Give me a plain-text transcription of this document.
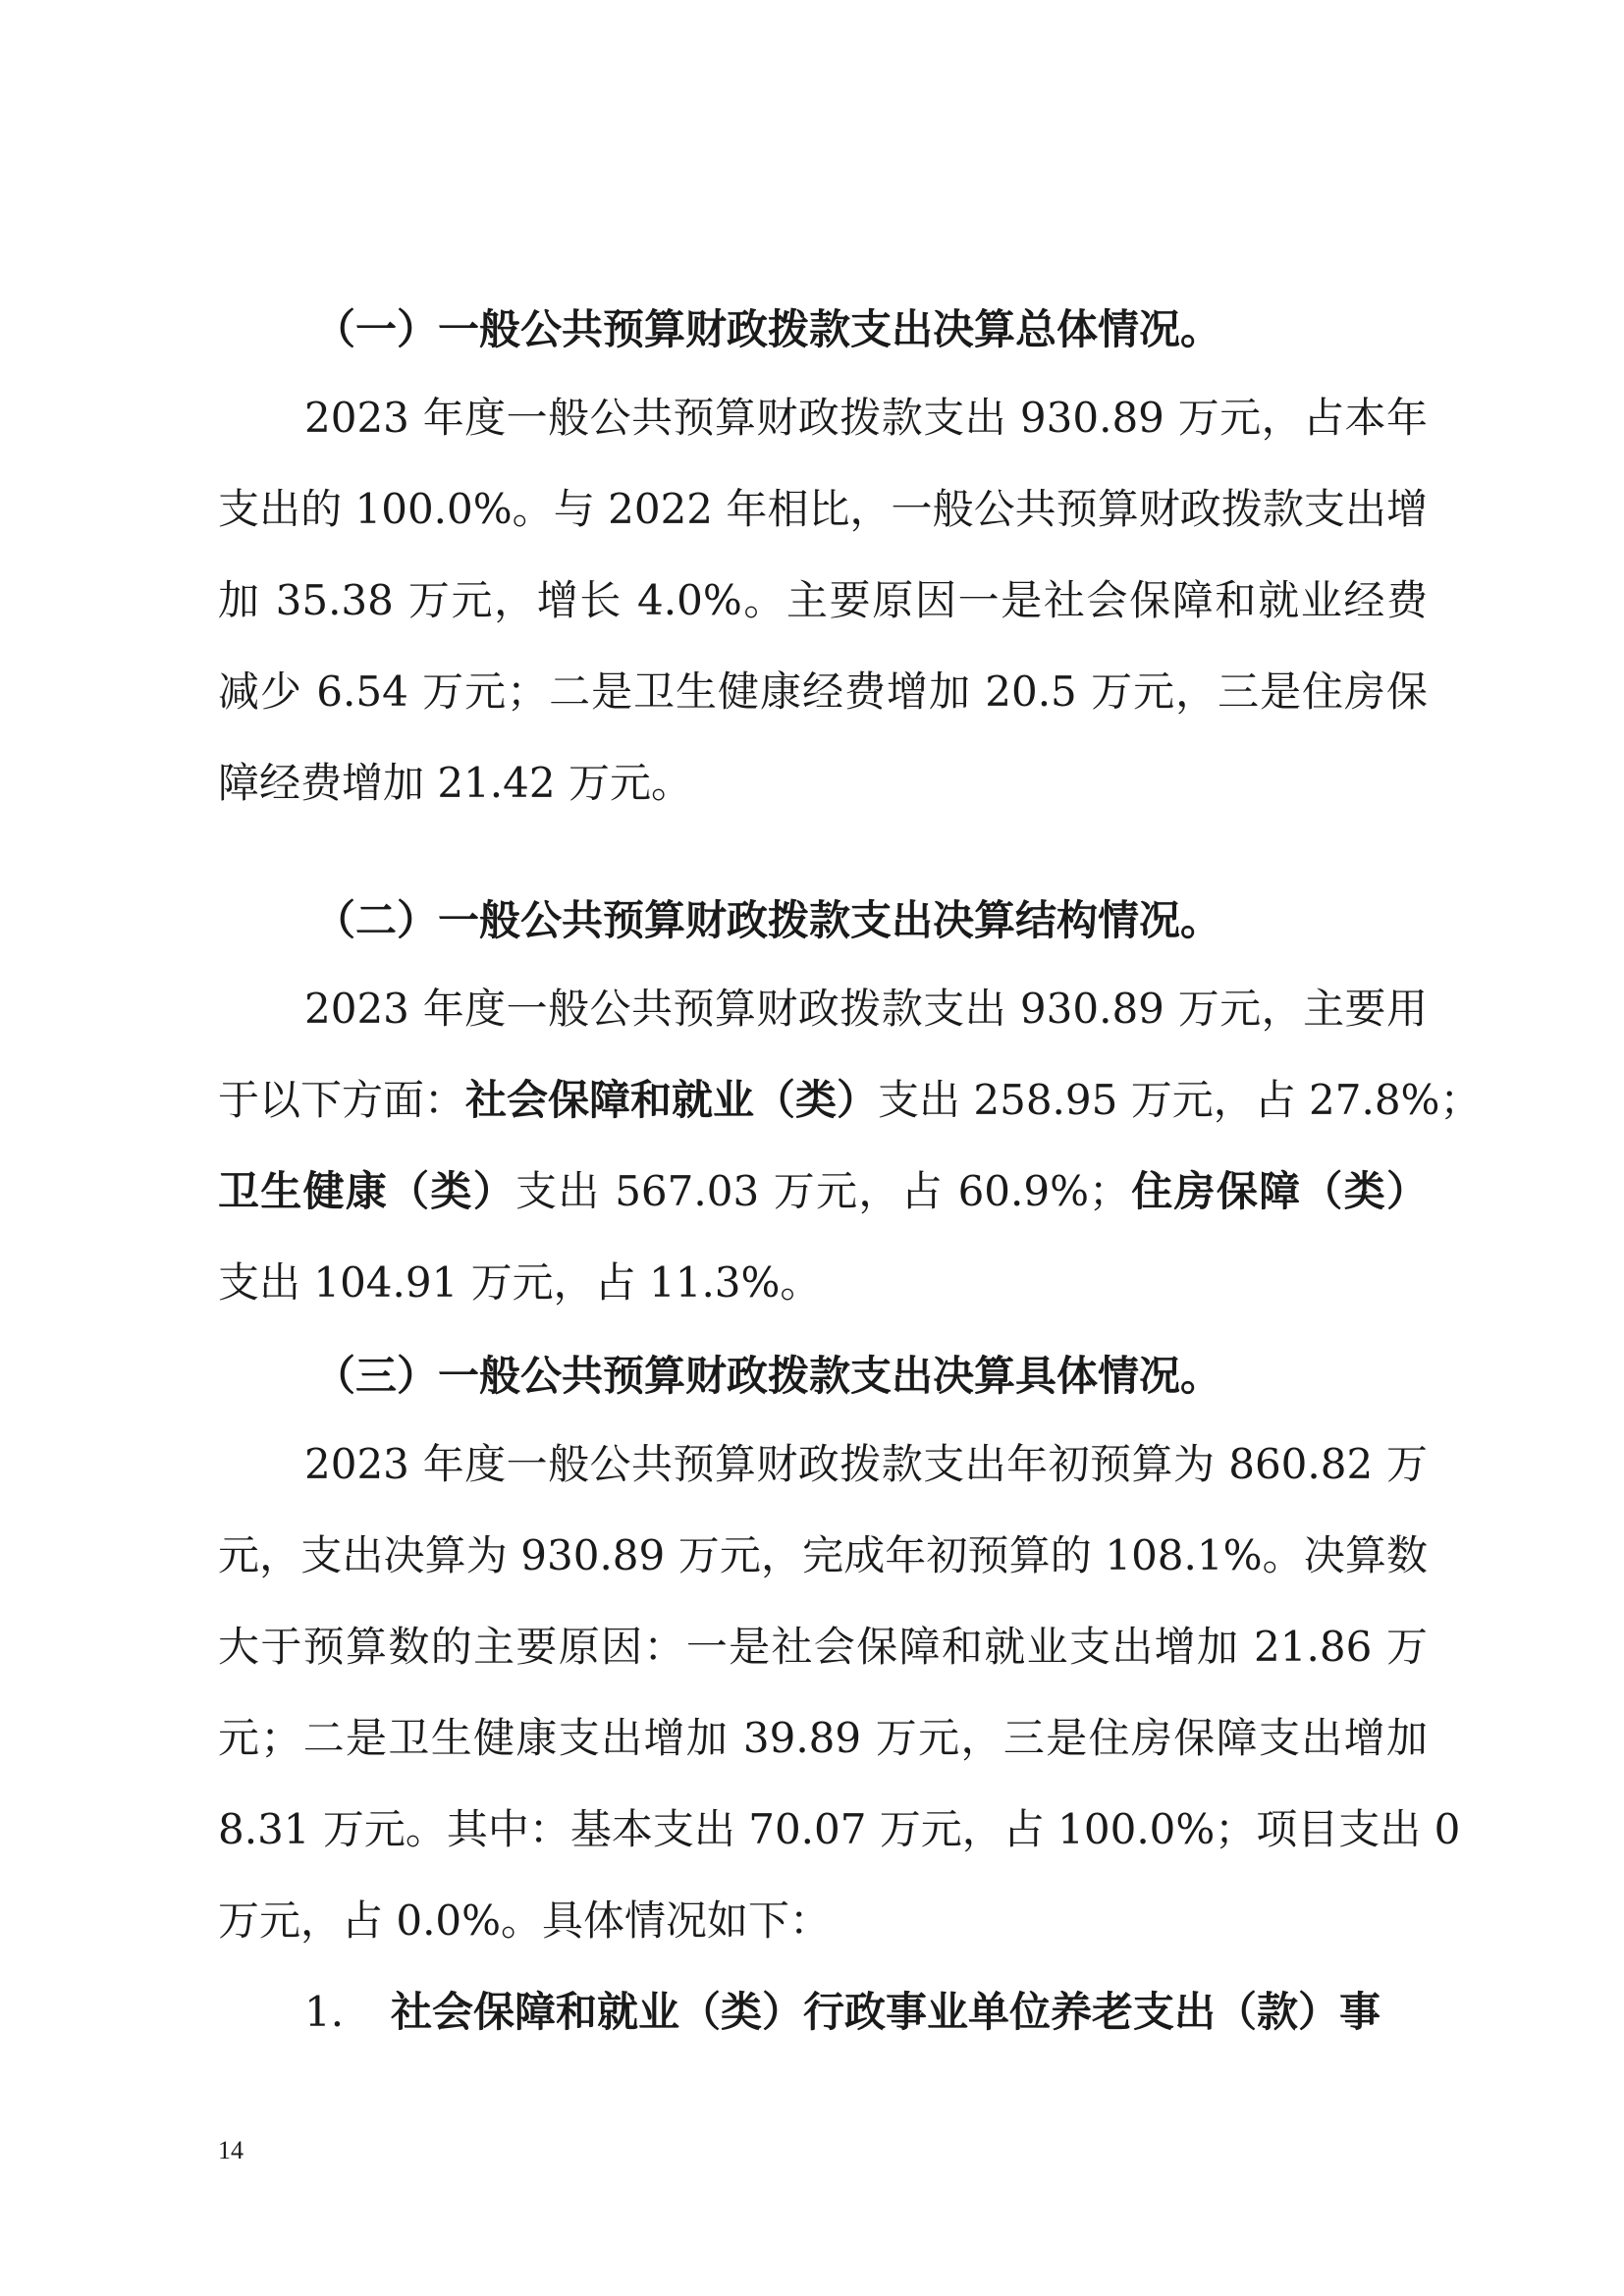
（一）一般公共预算财政拨款支出决算总体情况。
2023 年度一般公共预算财政拨款支出 930.89 万元，占本年
支出的 100.0%。与 2022 年相比，一般公共预算财政拨款支出增
加 35.38 万元，增长 4.0%。主要原因一是社会保障和就业经费
减少 6.54 万元；二是卫生健康经费增加 20.5 万元，三是住房保
障经费增加 21.42 万元。
（二）一般公共预算财政拨款支出决算结构情况。
2023 年度一般公共预算财政拨款支出 930.89 万元，主要用
于以下方面：社会保障和就业（类）支出 258.95 万元，占 27.8%；
卫生健康（类）支出 567.03 万元，占 60.9%；住房保障（类）
支出 104.91 万元，占 11.3%。
（三）一般公共预算财政拨款支出决算具体情况。
2023 年度一般公共预算财政拨款支出年初预算为 860.82 万
元，支出决算为 930.89 万元，完成年初预算的 108.1%。决算数
大于预算数的主要原因：一是社会保障和就业支出增加 21.86 万
元；二是卫生健康支出增加 39.89 万元，三是住房保障支出增加
8.31 万元。其中：基本支出 70.07 万元，占 100.0%；项目支出 0
万元，占 0.0%。具体情况如下：
1. 社会保障和就业（类）行政事业单位养老支出（款）事
14
